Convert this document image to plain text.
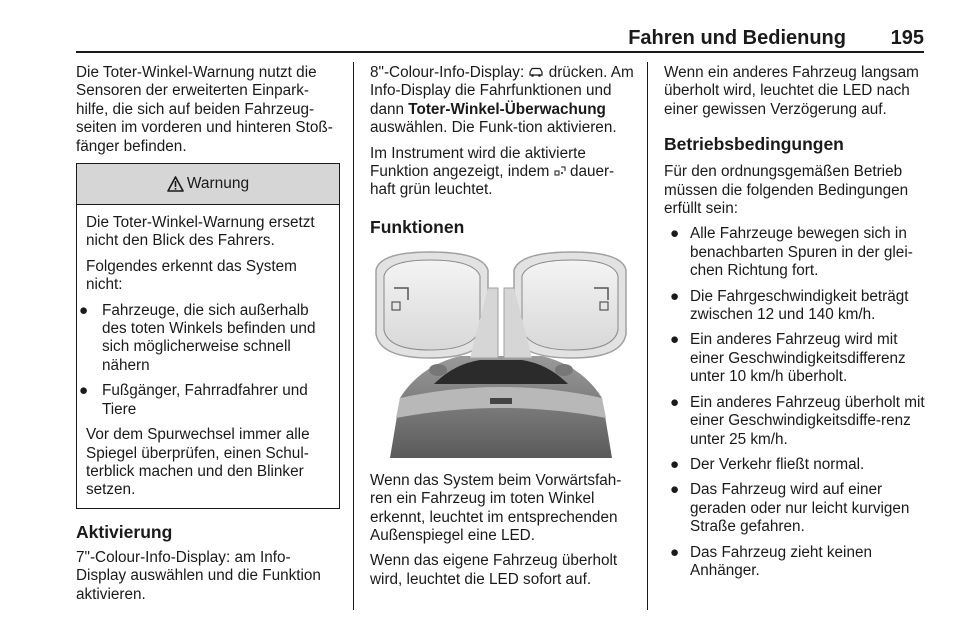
Fahren und Bedienung 195

Die Toter-Winkel-Warnung nutzt die Sensoren der erweiterten Einpark-hilfe, die sich auf beiden Fahrzeug-seiten im vorderen und hinteren Stoß-fänger befinden.

Warnung

Die Toter-Winkel-Warnung ersetzt nicht den Blick des Fahrers.

Folgendes erkennt das System nicht:

● Fahrzeuge, die sich außerhalb des toten Winkels befinden und sich möglicherweise schnell nähern
● Fußgänger, Fahrradfahrer und Tiere

Vor dem Spurwechsel immer alle Spiegel überprüfen, einen Schul-terblick machen und den Blinker setzen.

Aktivierung

7"-Colour-Info-Display: am Info-Display auswählen und die Funktion aktivieren.

8"-Colour-Info-Display: drücken. Am Info-Display die Fahrfunktionen und dann Toter-Winkel-Überwachung auswählen. Die Funk-tion aktivieren.

Im Instrument wird die aktivierte Funktion angezeigt, indem dauer-haft grün leuchtet.

Funktionen

Wenn das System beim Vorwärtsfah-ren ein Fahrzeug im toten Winkel erkennt, leuchtet im entsprechenden Außenspiegel eine LED.

Wenn das eigene Fahrzeug überholt wird, leuchtet die LED sofort auf.

Wenn ein anderes Fahrzeug langsam überholt wird, leuchtet die LED nach einer gewissen Verzögerung auf.

Betriebsbedingungen

Für den ordnungsgemäßen Betrieb müssen die folgenden Bedingungen erfüllt sein:

● Alle Fahrzeuge bewegen sich in benachbarten Spuren in der glei-chen Richtung fort.
● Die Fahrgeschwindigkeit beträgt zwischen 12 und 140 km/h.
● Ein anderes Fahrzeug wird mit einer Geschwindigkeitsdifferenz unter 10 km/h überholt.
● Ein anderes Fahrzeug überholt mit einer Geschwindigkeitsdiffe-renz unter 25 km/h.
● Der Verkehr fließt normal.
● Das Fahrzeug wird auf einer geraden oder nur leicht kurvigen Straße gefahren.
● Das Fahrzeug zieht keinen Anhänger.
